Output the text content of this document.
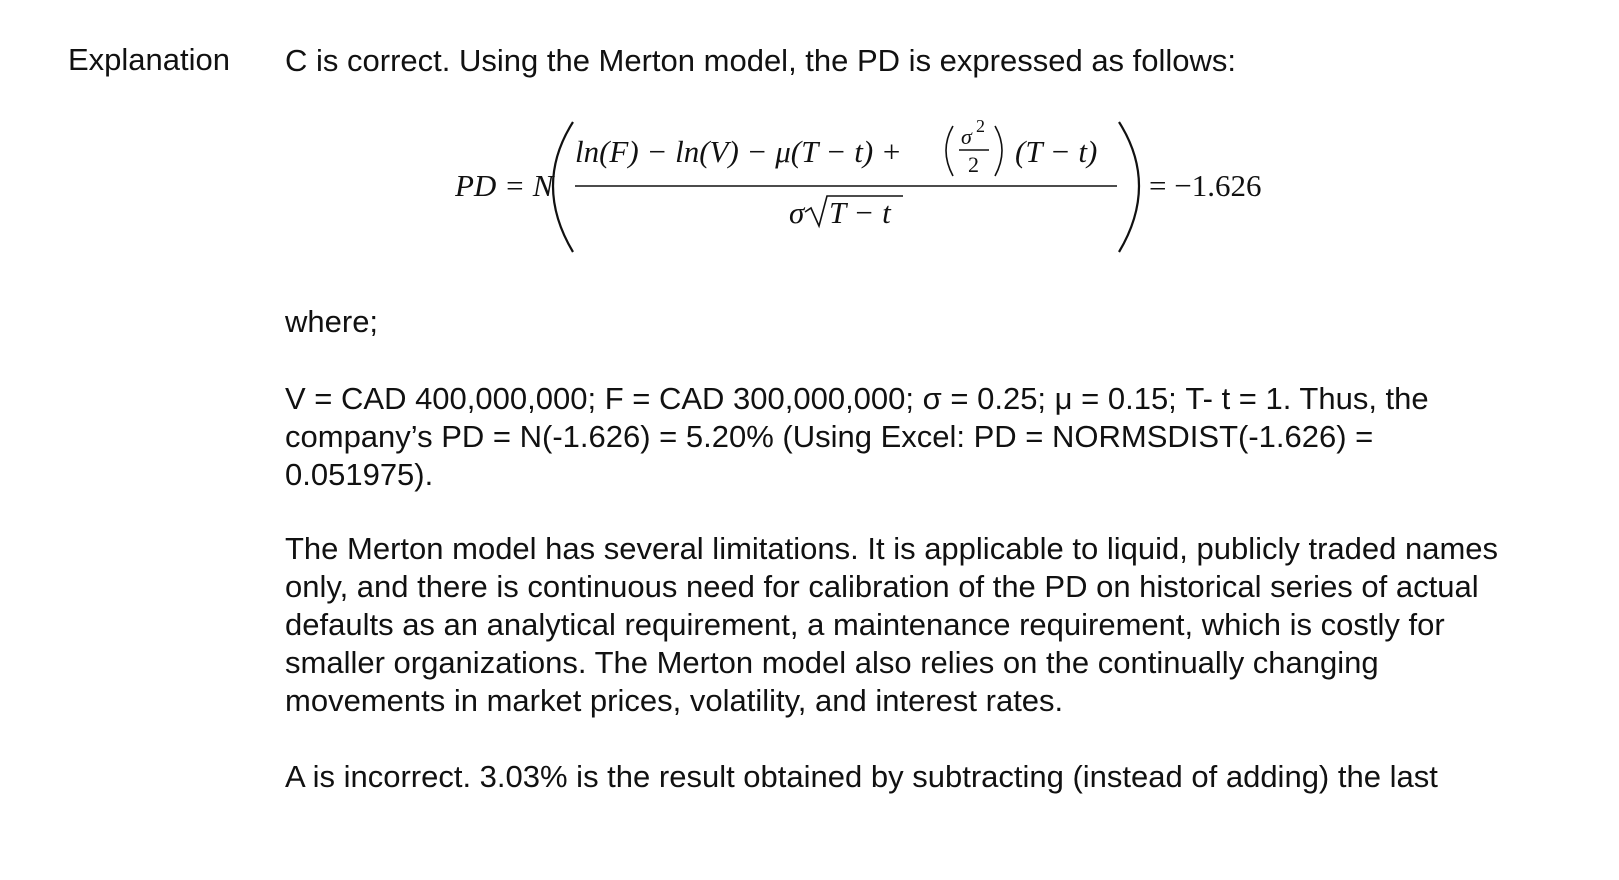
Explanation C is correct. Using the Merton model, the PD is expressed as follows:

PD = N
ln(F) − ln(V) − μ(T − t) +	σ 2
2 (T − t)
σ T − t
= −1.626

where;

V = CAD 400,000,000; F = CAD 300,000,000; σ = 0.25; μ = 0.15; T- t = 1. Thus, the company’s PD = N(-1.626) = 5.20% (Using Excel: PD = NORMSDIST(-1.626) = 0.051975).

The Merton model has several limitations. It is applicable to liquid, publicly traded names only, and there is continuous need for calibration of the PD on historical series of actual defaults as an analytical requirement, a maintenance requirement, which is costly for smaller organizations. The Merton model also relies on the continually changing movements in market prices, volatility, and interest rates.

A is incorrect. 3.03% is the result obtained by subtracting (instead of adding) the last
